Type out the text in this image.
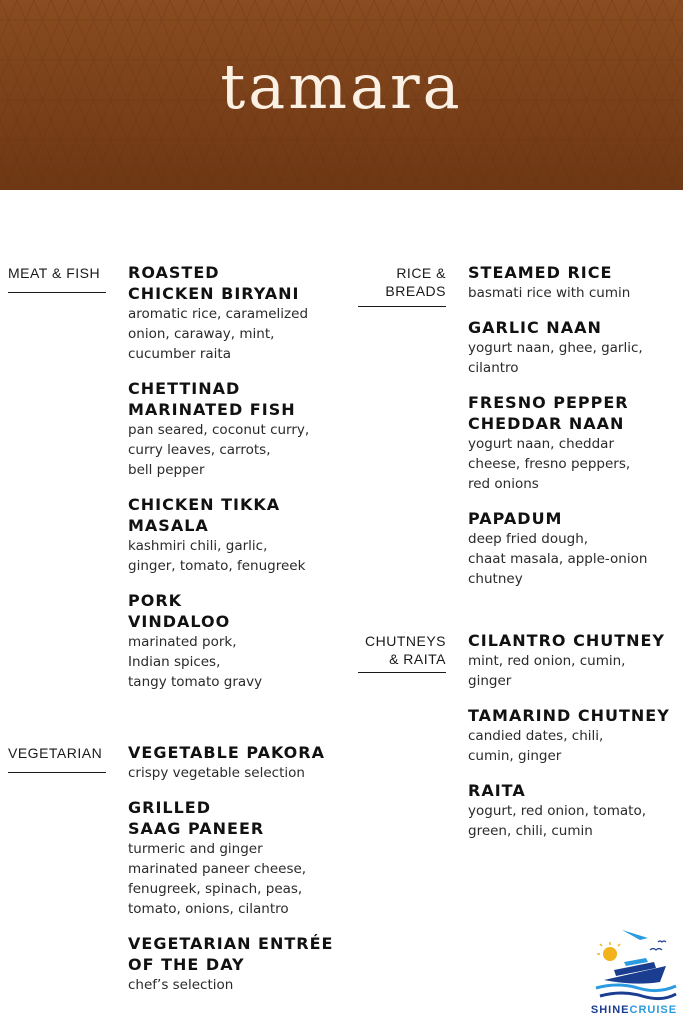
tamara
MEAT & FISH
VEGETARIAN
RICE &
BREADS
CHUTNEYS
& RAITA
ROASTED
CHICKEN BIRYANI
aromatic rice, caramelized
onion, caraway, mint,
cucumber raita
CHETTINAD
MARINATED FISH
pan seared, coconut curry,
curry leaves, carrots,
bell pepper
CHICKEN TIKKA
MASALA
kashmiri chili, garlic,
ginger, tomato, fenugreek
PORK
VINDALOO
marinated pork,
Indian spices,
tangy tomato gravy
VEGETABLE PAKORA
crispy vegetable selection
GRILLED
SAAG PANEER
turmeric and ginger
marinated paneer cheese,
fenugreek, spinach, peas,
tomato, onions, cilantro
VEGETARIAN ENTRÉE
OF THE DAY
chef’s selection
STEAMED RICE
basmati rice with cumin
GARLIC NAAN
yogurt naan, ghee, garlic,
cilantro
FRESNO PEPPER
CHEDDAR NAAN
yogurt naan, cheddar
cheese, fresno peppers,
red onions
PAPADUM
deep fried dough,
chaat masala, apple-onion
chutney
CILANTRO CHUTNEY
mint, red onion, cumin,
ginger
TAMARIND CHUTNEY
candied dates, chili,
cumin, ginger
RAITA
yogurt, red onion, tomato,
green, chili, cumin
SHINECRUISE
